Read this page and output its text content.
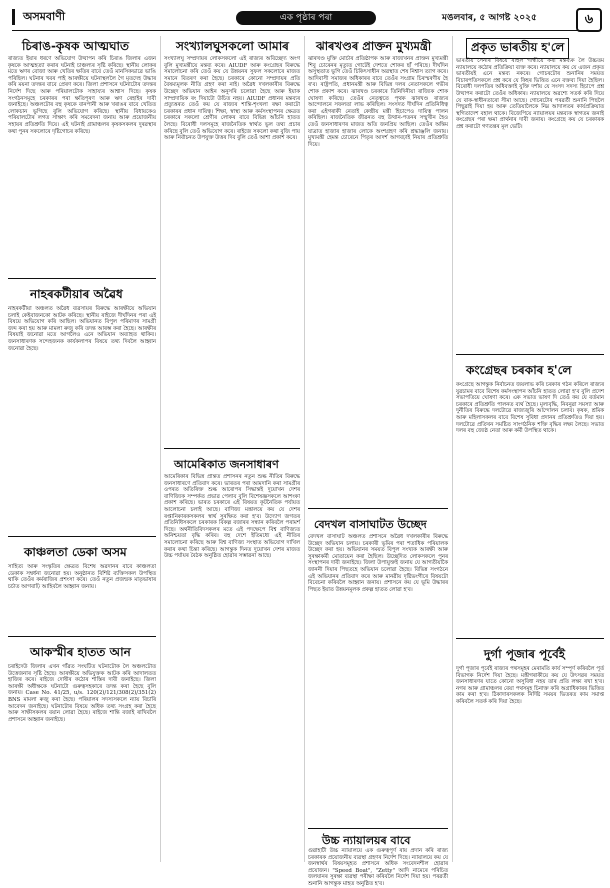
অসমবাণী	এক পৃষ্ঠাৰ পৰা	মঙলবাৰ, ৫ আগষ্ট ২০২৫	৬
চিৰাঙ-কৃষক আত্মঘাত
ৰাজ্যত ইয়াৰ ধৰণে অভিযোগ উত্থাপন কৰি চিৰাঙ জিলাৰ এজন কৃষকে আত্মহত্যা কৰাৰ ঘটনাই চাঞ্চল্যৰ সৃষ্টি কৰিছে। স্থানীয় লোকৰ মতে ঋণৰ বোজা আৰু খেতিৰ ক্ষতিৰ বাবে তেওঁ মানসিকভাৱে ভাঙি পৰিছিল। ঘটনাৰ খবৰ পাই আৰক্ষীয়ে ঘটনাস্থললৈ গৈ মৃতদেহ উদ্ধাৰ কৰি ময়না তদন্তৰ বাবে প্ৰেৰণ কৰে। জিলা প্ৰশাসনে ঘটনাটোৰ তদন্তৰ নিৰ্দেশ দিছে আৰু পৰিয়ালটোক সাহায্যৰ আশ্বাস দিছে। কৃষক সংগঠনসমূহে চৰকাৰৰ পৰা ক্ষতিপূৰণ আৰু ঋণ ৰেহাইৰ দাবী জনাইছে। অঞ্চলটোৰ বহু কৃষকে বানপানী আৰু খৰাঙৰ বাবে খেতিত লোকচান ভুগিছে বুলি অভিযোগ কৰিছে। স্থানীয় বিধায়কেও পৰিয়ালটোৰ লগত সাক্ষাৎ কৰি সমবেদনা জনায় আৰু প্ৰয়োজনীয় সহায়ৰ প্ৰতিশ্ৰুতি দিয়ে। এই ঘটনাই গ্ৰামাঞ্চলৰ কৃষকসকলৰ দুৰৱস্থাৰ কথা পুনৰ সকলোৰে দৃষ্টিগোচৰ কৰিছে।
নাহৰকটীয়াৰ অৱৈধ
নাহৰকটীয়া অঞ্চলত অৱৈধ ব্যৱসায়ৰ বিৰুদ্ধে আৰক্ষীয়ে অভিযান চলাই কেইবাজনকো আটক কৰিছে। স্থানীয় ৰাইজে দীৰ্ঘদিনৰ পৰা এই বিষয়ে অভিযোগ কৰি আছিল। অভিযানত বিপুল পৰিমাণৰ সামগ্ৰী জব্দ কৰা হয় আৰু মামলা ৰুজু কৰি তদন্ত আৰম্ভ কৰা হৈছে। আৰক্ষীৰ বিষয়াই জনোৱা মতে আগলৈও এনে অভিযান অব্যাহত থাকিব। জনসাধাৰণক সন্দেহজনক কাৰ্যকলাপৰ বিষয়ে তথ্য দিবলৈ আহ্বান জনোৱা হৈছে।
কাঞ্চলতা ডেকা অসম
সাহিত্য আৰু সংস্কৃতিৰ ক্ষেত্ৰত বিশেষ অৱদানৰ বাবে কাঞ্চলতা ডেকাক সম্বৰ্ধনা জনোৱা হয়। অনুষ্ঠানত বিশিষ্ট ব্যক্তিসকল উপস্থিত থাকি তেওঁৰ কৰ্মৰাজিৰ প্ৰশংসা কৰে। তেওঁ নতুন প্ৰজন্মক মাতৃভাষাৰ চৰ্চাত আগবাঢ়ি আহিবলৈ আহ্বান জনায়।
আকস্মীৰ হাতত আন
চৰাইদেউ জিলাৰ এখন গাঁৱত সংঘটিত ঘটনাটোক লৈ অঞ্চলটোত উত্তেজনাৰ সৃষ্টি হৈছে। আৰক্ষীয়ে অভিযুক্তক আটক কৰি আদালতত হাজিৰ কৰে। ৰাইজে দোষীৰ কঠোৰ শাস্তিৰ দাবী জনাইছে। জিলা আৰক্ষী অধীক্ষকে ঘটনাটো গুৰুত্বসহকাৰে তদন্ত কৰা হৈছে বুলি জনায়। Case No. 41/25, u/s. 120(2)/121/308(2)/351(2) BNS মামলা ৰুজু কৰা হৈছে। পৰিয়ালৰ সদস্যসকলে ন্যায় বিচাৰি আবেদন জনাইছে। ঘটনাটোৰ বিষয়ে অধিক তথ্য সংগ্ৰহ কৰা হৈছে আৰু সাক্ষীসকলৰ বয়ান লোৱা হৈছে। ৰাইজে শান্তি বজাই ৰাখিবলৈ প্ৰশাসনে আহ্বান জনাইছে।
সংখ্যালঘুসকলো আমাৰ
সংখ্যালঘু সম্প্ৰদায়ৰ লোকসকলো এই ৰাজ্যৰ অবিচ্ছেদ্য অংগ বুলি মুখ্যমন্ত্ৰীয়ে মন্তব্য কৰে। AIUDF আৰু কংগ্ৰেছৰ বিৰুদ্ধে সমালোচনা কৰি তেওঁ কয় যে উন্নয়নৰ সুফল সকলোৰে মাজত সমানে বিতৰণ কৰা হৈছে। চৰকাৰে কোনো সম্প্ৰদায়ৰ প্ৰতি বৈষম্যমূলক নীতি গ্ৰহণ কৰা নাই। অৱৈধ দখলকাৰীৰ বিৰুদ্ধে উচ্ছেদ অভিযান আইন অনুসৰি চলোৱা হৈছে আৰু ইয়াক সাম্প্ৰদায়িক ৰং দিয়াটো উচিত নহয়। AIUDF প্ৰধানৰ মন্তব্যৰ প্ৰত্যুত্তৰত তেওঁ কয় যে ৰাজ্যৰ শান্তি-শৃংখলা ৰক্ষা কৰাটো চৰকাৰৰ প্ৰধান দায়িত্ব। শিক্ষা, স্বাস্থ্য আৰু কৰ্মসংস্থাপনৰ ক্ষেত্ৰত চৰকাৰে সকলো শ্ৰেণীৰ লোকৰ বাবে বিভিন্ন আঁচনি হাতত লৈছে। বিৰোধী দলসমূহে ৰাজনৈতিক স্বাৰ্থত ভুল তথ্য প্ৰচাৰ কৰিছে বুলি তেওঁ অভিযোগ কৰে। ৰাইজে সকলো কথা বুজি পায় আৰু নিৰ্বাচনত উপযুক্ত উত্তৰ দিব বুলি তেওঁ আশা প্ৰকাশ কৰে।
আমেৰিকাত জনসাধাৰণ
আমেৰিকাৰ বিভিন্ন প্ৰান্তত প্ৰশাসনৰ নতুন শুল্ক নীতিৰ বিৰুদ্ধে জনসাধাৰণে প্ৰতিবাদ কৰে। ভাৰতৰ পৰা আমদানি কৰা সামগ্ৰীৰ ওপৰত অতিৰিক্ত শুল্ক আৰোপৰ সিদ্ধান্তই দুয়োখন দেশৰ বাণিজ্যিক সম্পৰ্কত প্ৰভাৱ পেলাব বুলি বিশেষজ্ঞসকলে আশংকা প্ৰকাশ কৰিছে। ভাৰত চৰকাৰে এই বিষয়ত কূটনৈতিক পৰ্যায়ত আলোচনা চলাই আছে। বাণিজ্য মন্ত্ৰালয়ে কয় যে দেশৰ ৰপ্তানিকাৰকসকলৰ স্বাৰ্থ সুৰক্ষিত কৰা হ'ব। উদ্যোগ জগতৰ প্ৰতিনিধিসকলে চৰকাৰক বিকল্প বজাৰৰ সন্ধান কৰিবলৈ পৰামৰ্শ দিছে। অৰ্থনীতিবিদসকলৰ মতে এই পদক্ষেপে বিশ্ব বাণিজ্যত অনিশ্চয়তা বৃদ্ধি কৰিব। বহু দেশে ইতিমধ্যে এই নীতিৰ সমালোচনা কৰিছে আৰু বিশ্ব বাণিজ্য সংস্থাত অভিযোগ দাখিল কৰাৰ কথা চিন্তা কৰিছে। আগন্তুক দিনত দুয়োখন দেশৰ মাজত উচ্চ পৰ্যায়ৰ বৈঠক অনুষ্ঠিত হোৱাৰ সম্ভাৱনা আছে।
ঝাৰখণ্ডৰ প্ৰাক্তন মুখ্যমন্ত্ৰী
ঝাৰখণ্ড মুক্তি মোৰ্চাৰ প্ৰতিষ্ঠাপক আৰু ৰাজ্যখনৰ প্ৰাক্তন মুখ্যমন্ত্ৰী শিবু চোৰেনৰ মৃত্যুত গোটেই দেশতে শোকৰ ছাঁ পৰিছে। দীৰ্ঘদিন অসুস্থতাত ভুগি তেওঁ চিকিৎসাধীন অৱস্থাত শেষ নিশ্বাস ত্যাগ কৰে। আদিবাসী সমাজৰ অধিকাৰৰ বাবে তেওঁৰ সংগ্ৰাম চিৰস্মৰণীয় হৈ ৰ'ব। ৰাষ্ট্ৰপতি, প্ৰধানমন্ত্ৰী আৰু বিভিন্ন দলৰ নেতাসকলে গভীৰ শোক প্ৰকাশ কৰে। ঝাৰখণ্ড চৰকাৰে তিনিদিনীয়া ৰাজ্যিক শোক ঘোষণা কৰিছে। তেওঁৰ নেতৃত্বতে পৃথক ঝাৰখণ্ড ৰাজ্যৰ আন্দোলনে সফলতা লাভ কৰিছিল। সংসদত দীৰ্ঘদিন প্ৰতিনিধিত্ব কৰা এইগৰাকী নেতাই কেন্দ্ৰীয় মন্ত্ৰী হিচাপেও দায়িত্ব পালন কৰিছিল। ৰাজনৈতিক জীৱনত বহু উত্থান-পতনৰ সন্মুখীন হৈও তেওঁ জনসাধাৰণৰ মাজত অতি জনপ্ৰিয় আছিল। তেওঁৰ অন্তিম যাত্ৰাত হাজাৰ হাজাৰ লোকে অংশগ্ৰহণ কৰি শ্ৰদ্ধাঞ্জলি জনায়। মুখ্যমন্ত্ৰী হেমন্ত চোৰেনে পিতৃৰ আদৰ্শ আগবঢ়াই নিয়াৰ প্ৰতিশ্ৰুতি দিয়ে।
বেদখল বাসাঘাটত উচ্ছেদ
বেদখল বাসাঘাট অঞ্চলত প্ৰশাসনে অৱৈধ দখলকাৰীৰ বিৰুদ্ধে উচ্ছেদ অভিযান চলায়। চৰকাৰী ভূমিৰ পৰা শতাধিক পৰিয়ালক উচ্ছেদ কৰা হয়। অভিযানৰ সময়ত বিপুল সংখ্যক আৰক্ষী আৰু সুৰক্ষাকৰ্মী মোতায়েন কৰা হৈছিল। উচ্ছেদিত লোকসকলে পুনৰ সংস্থাপনৰ দাবী জনাইছে। জিলা উপায়ুক্তই জনায় যে আগতীয়াকৈ জাননী দিয়াৰ পিছতহে অভিযান চলোৱা হৈছে। বিভিন্ন সংগঠনে এই অভিযানৰ প্ৰতিবাদ কৰে আৰু মানৱীয় দৃষ্টিভংগীৰে বিষয়টো বিবেচনা কৰিবলৈ আহ্বান জনায়। প্ৰশাসনে কয় যে ভূমি উদ্ধাৰৰ পিছত ইয়াত উন্নয়নমূলক প্ৰকল্প হাতত লোৱা হ'ব।
উচ্চ ন্যায়ালয়ৰ বাবে
গুৱাহাটী উচ্চ ন্যায়ালয়ে এক গুৰুত্বপূৰ্ণ ৰায় প্ৰদান কৰি ৰাজ্য চৰকাৰক প্ৰয়োজনীয় ব্যৱস্থা গ্ৰহণৰ নিৰ্দেশ দিছে। ন্যায়ালয়ে কয় যে জনস্বাৰ্থৰ বিষয়সমূহত প্ৰশাসনে অধিক সংবেদনশীল হোৱাৰ প্ৰয়োজন। "Speed Boat", "Zetty" আদি নামেৰে পৰিচিত জলযানৰ সুৰক্ষা ব্যৱস্থা পৰীক্ষা কৰিবলৈ নিৰ্দেশ দিয়া হয়। পৰৱৰ্তী শুনানি আগন্তুক মাহত অনুষ্ঠিত হ'ব।
প্ৰকৃত ভাৰতীয় হ'লে
ভাৰতীয় সেনাৰ বিষয়ে ৰাহুল গান্ধীয়ে কৰা মন্তব্যক লৈ উচ্চতম ন্যায়ালয়ে কঠোৰ প্ৰতিক্ৰিয়া ব্যক্ত কৰে। ন্যায়ালয়ে কয় যে এজন প্ৰকৃত ভাৰতীয়ই এনে মন্তব্য নকৰে। গোচৰটোৰ শুনানিৰ সময়ত বিচাৰপতিসকলে প্ৰশ্ন কৰে যে কিহৰ ভিত্তিত এনে বক্তব্য দিয়া হৈছিল। বিৰোধী দলপতিৰ অধিবক্তাই যুক্তি দৰ্শায় যে সংসদ সদস্য হিচাপে প্ৰশ্ন উত্থাপন কৰাটো তেওঁৰ অধিকাৰ। ন্যায়ালয়ে অৱশ্যে সতৰ্ক কৰি দিয়ে যে বাক-স্বাধীনতাৰো সীমা আছে। গোচৰটোৰ পৰৱৰ্তী শুনানি পিছলৈ পিছুৱাই দিয়া হয় আৰু তেতিয়ালৈকে নিম্ন আদালতৰ কাৰ্যপ্ৰক্ৰিয়াত স্থগিতাদেশ বহাল থাকে। বিজেপিয়ে ন্যায়ালয়ৰ মন্তব্যক স্বাগতম জনাই কংগ্ৰেছৰ পৰা ক্ষমা প্ৰাৰ্থনাৰ দাবী জনায়। কংগ্ৰেছে কয় যে চৰকাৰক প্ৰশ্ন কৰাটো গণতন্ত্ৰৰ মূল ভেটি।
কংগ্ৰেছৰ চৰকাৰ হ'লে
কংগ্ৰেছে আগন্তুক নিৰ্বাচনত জয়লাভ কৰি চৰকাৰ গঠন কৰিলে ৰাজ্যৰ যুৱচামৰ বাবে বিশেষ কৰ্মসংস্থাপন আঁচনি হাতত লোৱা হ'ব বুলি প্ৰদেশ সভাপতিয়ে ঘোষণা কৰে। এক সভাত ভাষণ দি তেওঁ কয় যে বৰ্তমান চৰকাৰে প্ৰতিশ্ৰুতি পালনত ব্যৰ্থ হৈছে। মূল্যবৃদ্ধি, নিবনুৱা সমস্যা আৰু দুৰ্নীতিৰ বিৰুদ্ধে দলটোৱে ৰাজ্যজুৰি আন্দোলন চলাব। কৃষক, শ্ৰমিক আৰু মহিলাসকলৰ বাবে বিশেষ সুবিধা প্ৰদানৰ প্ৰতিশ্ৰুতিও দিয়া হয়। দলটোৱে প্ৰতিখন সমষ্টিত সাংগঠনিক শক্তি বৃদ্ধিৰ লক্ষ্য লৈছে। সভাত দলৰ বহু জ্যেষ্ঠ নেতা আৰু কৰ্মী উপস্থিত থাকে।
দুৰ্গা পূজাৰ পূৰ্বেই
দুৰ্গা পূজাৰ পূৰ্বেই ৰাজ্যৰ পথসমূহৰ মেৰামতি কাৰ্য সম্পূৰ্ণ কৰিবলৈ পূৰ্ত বিভাগক নিৰ্দেশ দিয়া হৈছে। মন্ত্ৰীগৰাকীয়ে কয় যে উৎসৱৰ সময়ত জনসাধাৰণৰ যাতে কোনো অসুবিধা নহয় তাৰ প্ৰতি লক্ষ্য ৰখা হ'ব। নগৰ আৰু গ্ৰামাঞ্চলৰ বেয়া পথসমূহ চিনাক্ত কৰি অগ্ৰাধিকাৰৰ ভিত্তিত কাম কৰা হ'ব। ঠিকাদাৰসকলক নিৰ্দিষ্ট সময়ৰ ভিতৰত কাম সমাপ্ত কৰিবলৈ সতৰ্ক কৰি দিয়া হৈছে।
